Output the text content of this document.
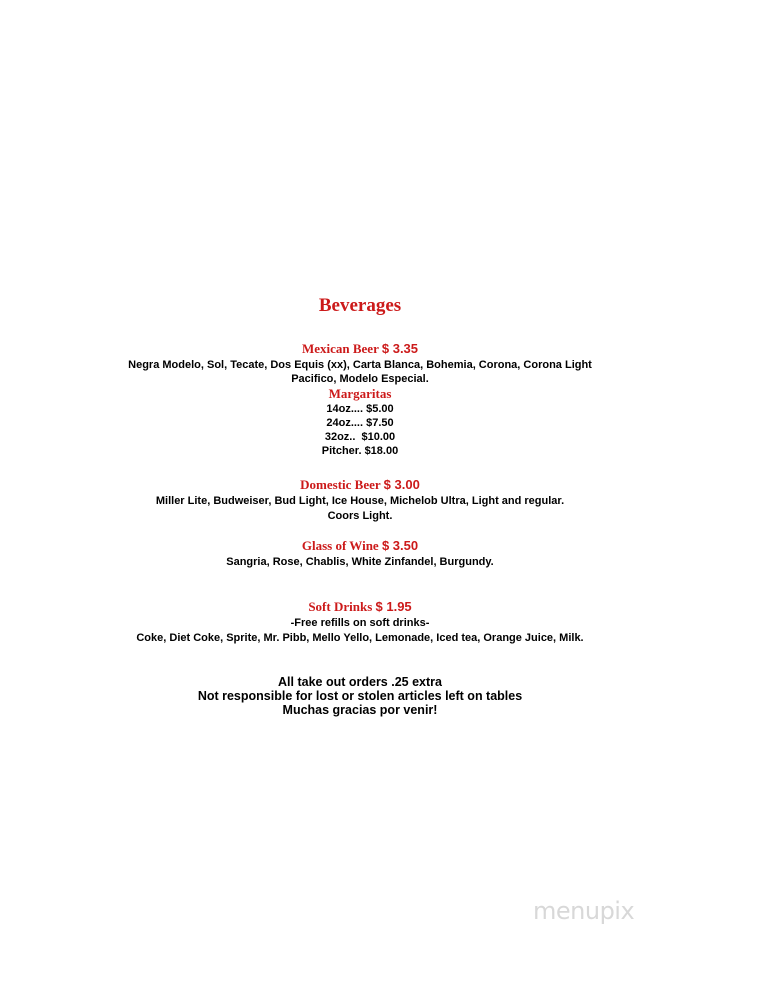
Beverages
Mexican Beer $ 3.35
Negra Modelo, Sol, Tecate, Dos Equis (xx), Carta Blanca, Bohemia, Corona, Corona Light
Pacifico, Modelo Especial.
Margaritas
14oz.... $5.00
24oz.... $7.50
32oz..  $10.00
Pitcher. $18.00
Domestic Beer $ 3.00
Miller Lite, Budweiser, Bud Light, Ice House, Michelob Ultra, Light and regular.
Coors Light.
Glass of Wine $ 3.50
Sangria, Rose, Chablis, White Zinfandel, Burgundy.
Soft Drinks $ 1.95
-Free refills on soft drinks-
Coke, Diet Coke, Sprite, Mr. Pibb, Mello Yello, Lemonade, Iced tea, Orange Juice, Milk.
All take out orders .25 extra
Not responsible for lost or stolen articles left on tables
Muchas gracias por venir!
menupix
